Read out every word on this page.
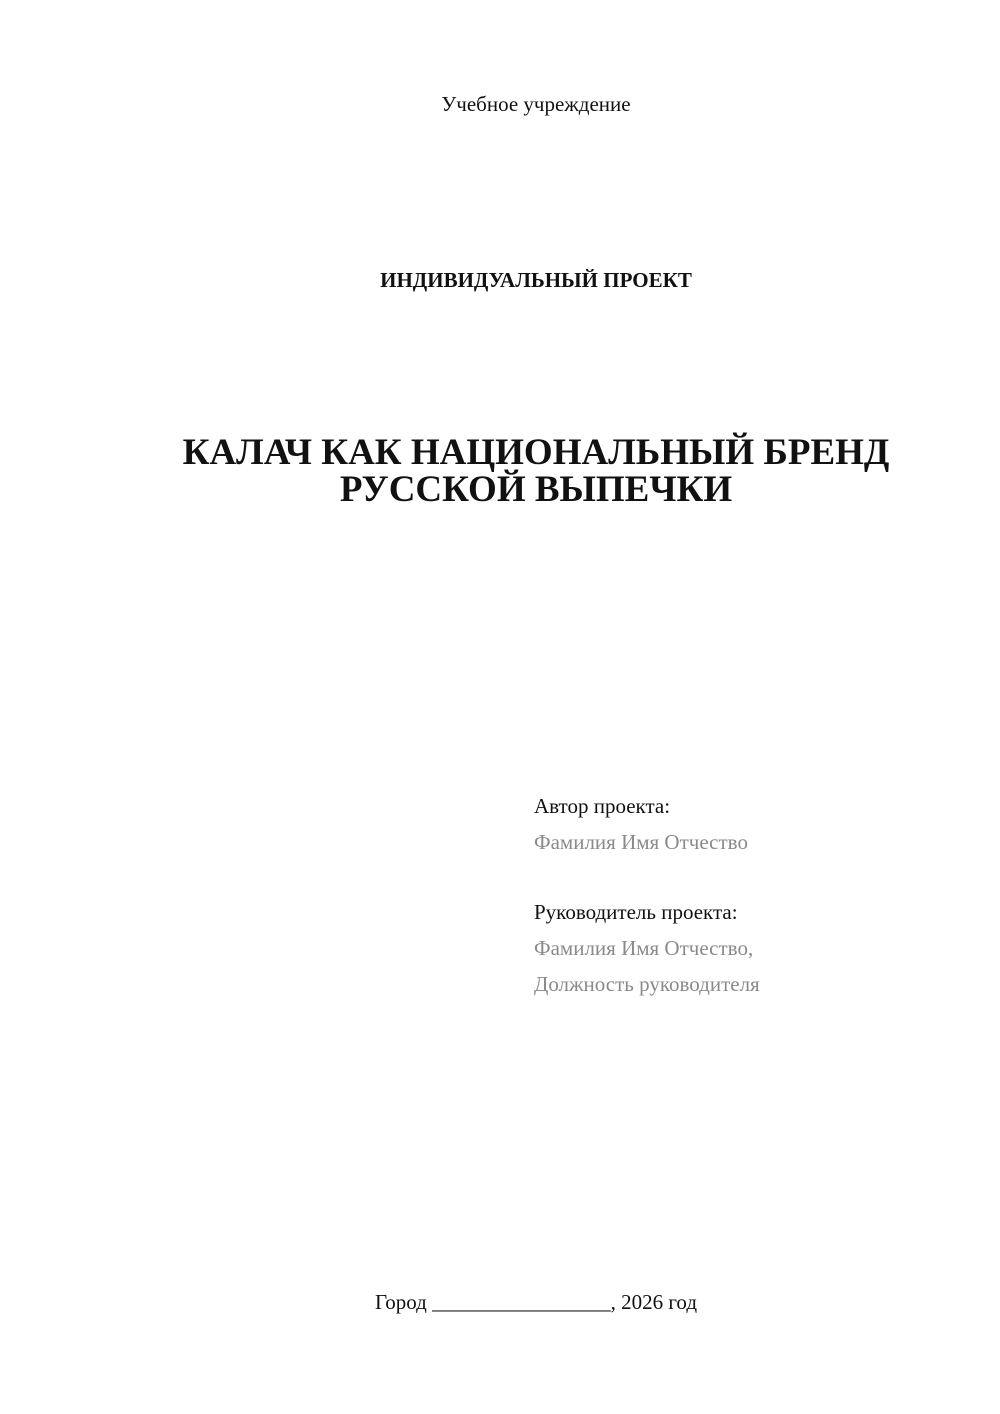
Учебное учреждение
ИНДИВИДУАЛЬНЫЙ ПРОЕКТ
КАЛАЧ КАК НАЦИОНАЛЬНЫЙ БРЕНД
РУССКОЙ ВЫПЕЧКИ
Автор проекта:
Фамилия Имя Отчество
Руководитель проекта:
Фамилия Имя Отчество,
Должность руководителя
Город _________________, 2026 год
